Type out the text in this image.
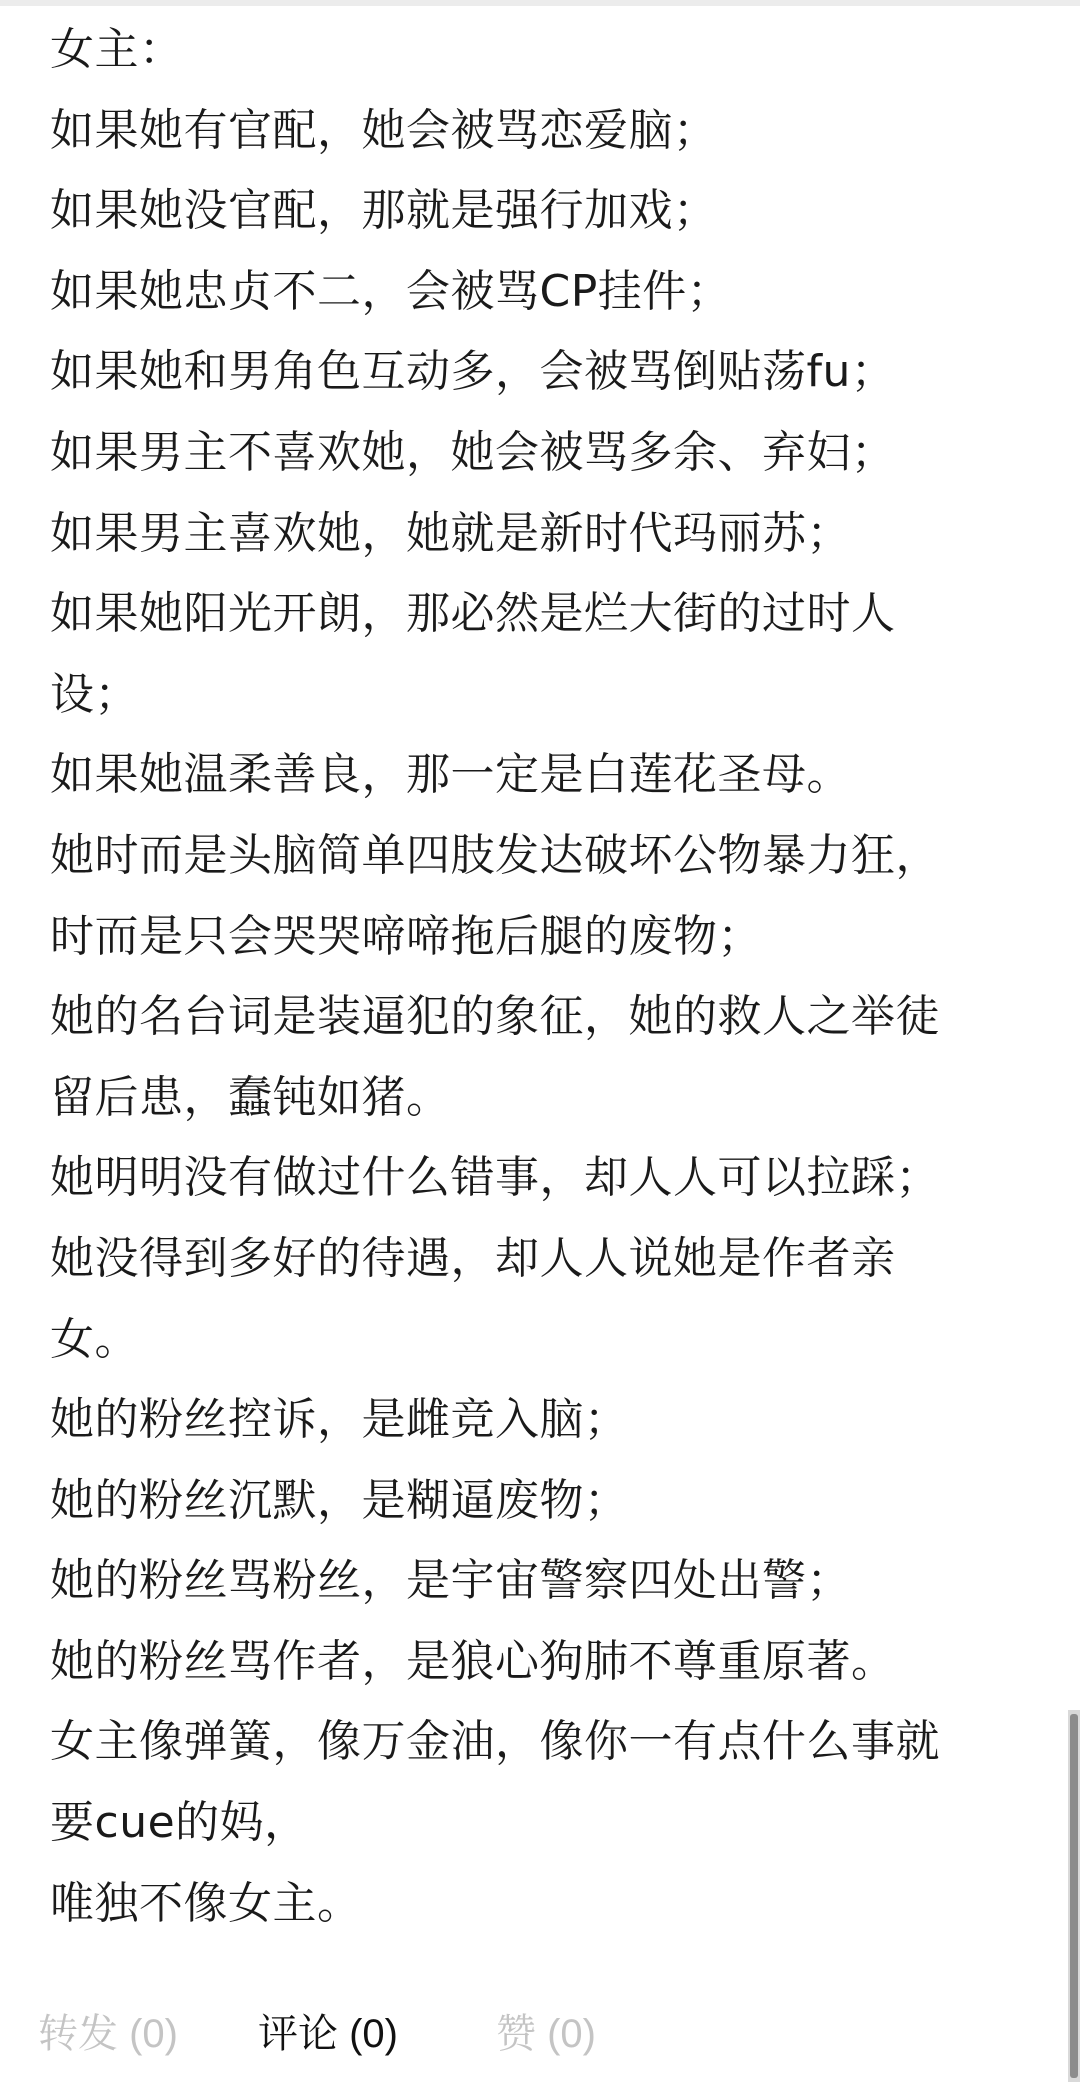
女主：
如果她有官配，她会被骂恋爱脑；
如果她没官配，那就是强行加戏；
如果她忠贞不二，会被骂CP挂件；
如果她和男角色互动多，会被骂倒贴荡fu；
如果男主不喜欢她，她会被骂多余、弃妇；
如果男主喜欢她，她就是新时代玛丽苏；
如果她阳光开朗，那必然是烂大街的过时人
设；
如果她温柔善良，那一定是白莲花圣母。
她时而是头脑简单四肢发达破坏公物暴力狂，
时而是只会哭哭啼啼拖后腿的废物；
她的名台词是装逼犯的象征，她的救人之举徒
留后患，蠢钝如猪。
她明明没有做过什么错事，却人人可以拉踩；
她没得到多好的待遇，却人人说她是作者亲
女。
她的粉丝控诉，是雌竞入脑；
她的粉丝沉默，是糊逼废物；
她的粉丝骂粉丝，是宇宙警察四处出警；
她的粉丝骂作者，是狼心狗肺不尊重原著。
女主像弹簧，像万金油，像你一有点什么事就
要cue的妈，
唯独不像女主。
转发 (0) 评论 (0) 赞 (0)
